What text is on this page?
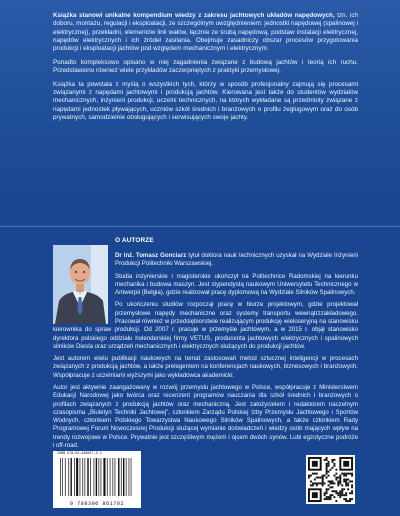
Książka stanowi unikalne kompendium wiedzy z zakresu jachtowych układów napędowych, tzn. ich doboru, montażu, regulacji i eksploatacji, ze szczególnym uwzględnieniem: jednostki napędowej (spalinowej i elektrycznej), przekładni, elementów linii wałów, łącznie ze śrubą napędową, podstaw instalacji elektrycznej, napędów elektrycznych i ich źródeł zasilania. Obejmuje zasadniczy obszar procesów przygotowania produkcji i eksploatacji jachtów pod względem mechanicznym i elektrycznym.

Ponadto kompleksowo opisano w niej zagadnienia związane z budową jachtów i teorią ich ruchu. Przedstawiono również wiele przykładów zaczerpniętych z praktyki przemysłowej.

Książka ta powstała z myślą o wszystkich tych, którzy w sposób profesjonalny zajmują się procesami związanymi z napędami jachtowymi i produkcją jachtów. Kierowana jest także do studentów wydziałów mechanicznych, inżynierii produkcji, uczelni technicznych, na których wykładane są przedmioty związane z napędami jednostek pływających, uczniów szkół średnich i branżowych o profilu żeglugowym oraz do osób prywatnych, samodzielnie obsługujących i serwisujących swoje jachty.

O AUTORZE

Dr inż. Tomasz Gonciarz tytuł doktora nauk technicznych uzyskał na Wydziale Inżynierii Produkcji Politechniki Warszawskiej.

Studia inżynierskie i magisterskie ukończył na Politechnice Radomskiej na kierunku mechanika i budowa maszyn. Jest stypendystą naukowym Uniwersytetu Technicznego w Antwerpii (Belgia), gdzie realizował pracę dyplomową na Wydziale Silników Spalinowych.

Po ukończeniu studiów rozpoczął pracę w biurze projektowym, gdzie projektował przemysłowe napędy mechaniczne oraz systemy transportu wewnątrzzakładowego. Pracował również w przedsiębiorstwie realizującym produkcję wieloseryjną na stanowisku kierownika do spraw produkcji. Od 2007 r. pracuje w przemyśle jachtowym, a w 2015 r. objął stanowisko dyrektora polskiego oddziału holenderskiej firmy VETUS, producenta jachtowych elektrycznych i spalinowych silników Diesla oraz urządzeń mechanicznych i elektrycznych służących do produkcji jachtów.

Jest autorem wielu publikacji naukowych na temat zastosowań metod sztucznej inteligencji w procesach związanych z produkcją jachtów, a także prelegentem na konferencjach naukowych, biznesowych i branżowych. Współpracuje z uczelniami wyższymi jako wykładowca akademicki.

Autor jest aktywnie zaangażowany w rozwój przemysłu jachtowego w Polsce, współpracuje z Ministerstwem Edukacji Narodowej jako twórca oraz recenzent programów nauczania dla szkół średnich i branżowych o profilach związanych z produkcją jachtów oraz mechaniczną. Jest założycielem i redaktorem naczelnym czasopisma „Biuletyn Techniki Jachtowej”, członkiem Zarządu Polskiej Izby Przemysłu Jachtowego i Sportów Wodnych, członkiem Polskiego Towarzystwa Naukowego Silników Spalinowych, a także członkiem Rady Programowej Forum Nowoczesnej Produkcji służącej wymianie doświadczeń i wiedzy osób mających wpływ na trendy rozwojowe w Polsce. Prywatnie jest szczęśliwym mężem i ojcem dwóch synów. Lubi egzotyczne podróże i off-road.

ISBN 978-83-968617-0-2
9 788396 861702
